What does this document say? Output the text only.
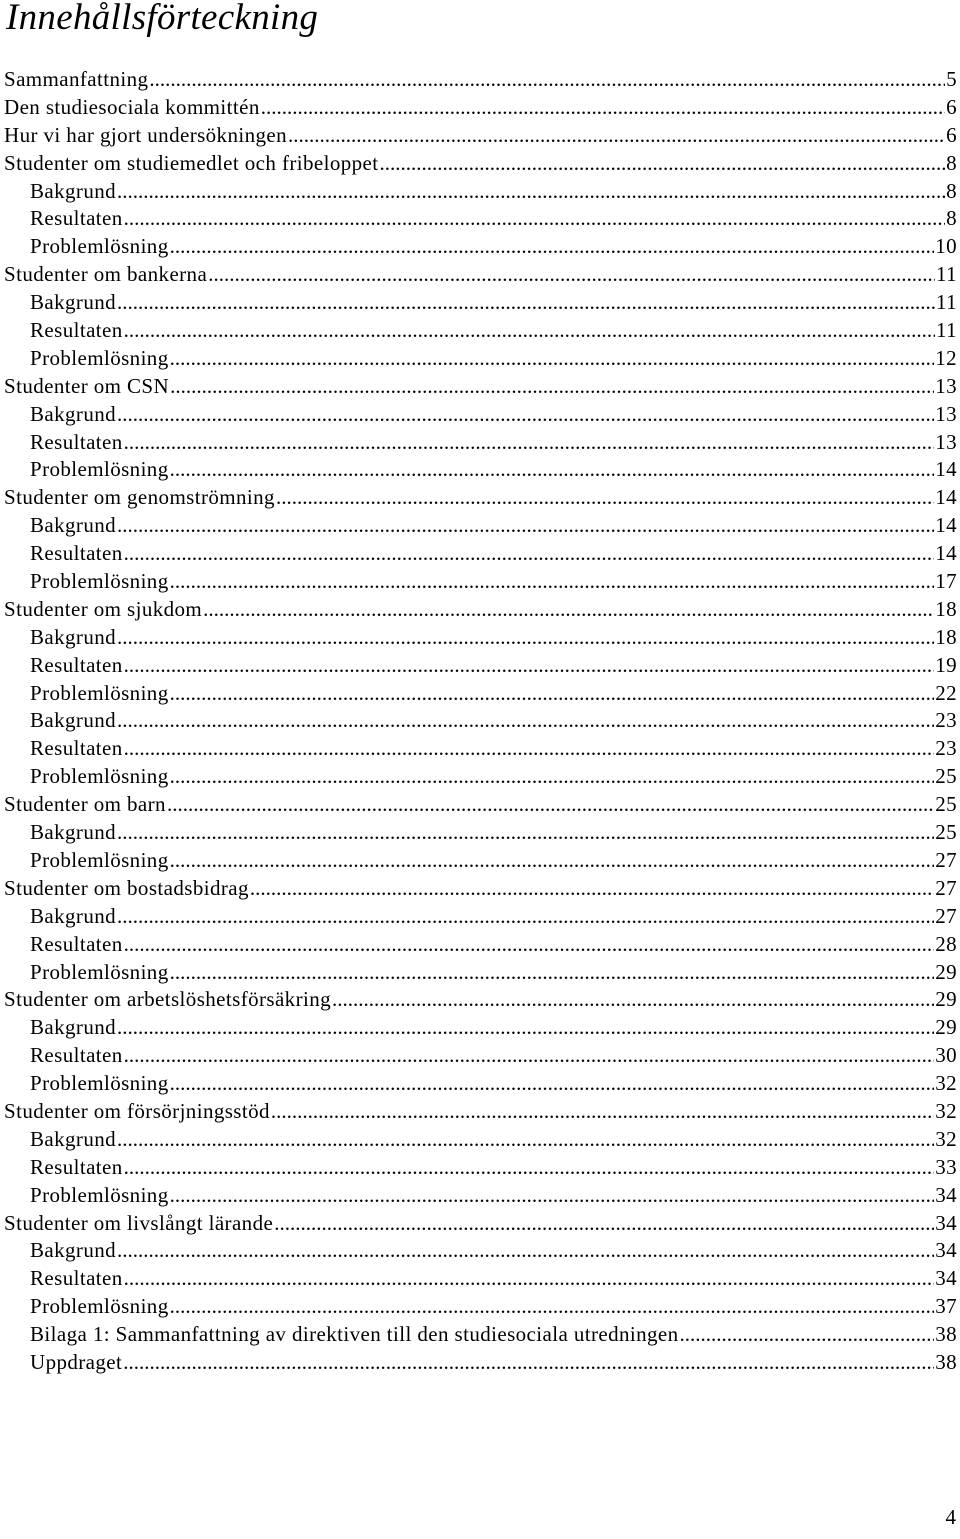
Innehållsförteckning
Sammanfattning .....	5
Den studiesociala kommittén .....	6
Hur vi har gjort undersökningen .....	6
Studenter om studiemedlet och fribeloppet .....	8
Bakgrund .....	8
Resultaten .....	8
Problemlösning .....	10
Studenter om bankerna .....	11
Bakgrund .....	11
Resultaten .....	11
Problemlösning .....	12
Studenter om CSN .....	13
Bakgrund .....	13
Resultaten .....	13
Problemlösning .....	14
Studenter om genomströmning .....	14
Bakgrund .....	14
Resultaten .....	14
Problemlösning .....	17
Studenter om sjukdom .....	18
Bakgrund .....	18
Resultaten .....	19
Problemlösning .....	22
Bakgrund .....	23
Resultaten .....	23
Problemlösning .....	25
Studenter om barn .....	25
Bakgrund .....	25
Problemlösning .....	27
Studenter om bostadsbidrag .....	27
Bakgrund .....	27
Resultaten .....	28
Problemlösning .....	29
Studenter om arbetslöshetsförsäkring .....	29
Bakgrund .....	29
Resultaten .....	30
Problemlösning .....	32
Studenter om försörjningsstöd .....	32
Bakgrund .....	32
Resultaten .....	33
Problemlösning .....	34
Studenter om livslångt lärande .....	34
Bakgrund .....	34
Resultaten .....	34
Problemlösning .....	37
Bilaga 1: Sammanfattning av direktiven till den studiesociala utredningen .....	38
Uppdraget .....	38
4
